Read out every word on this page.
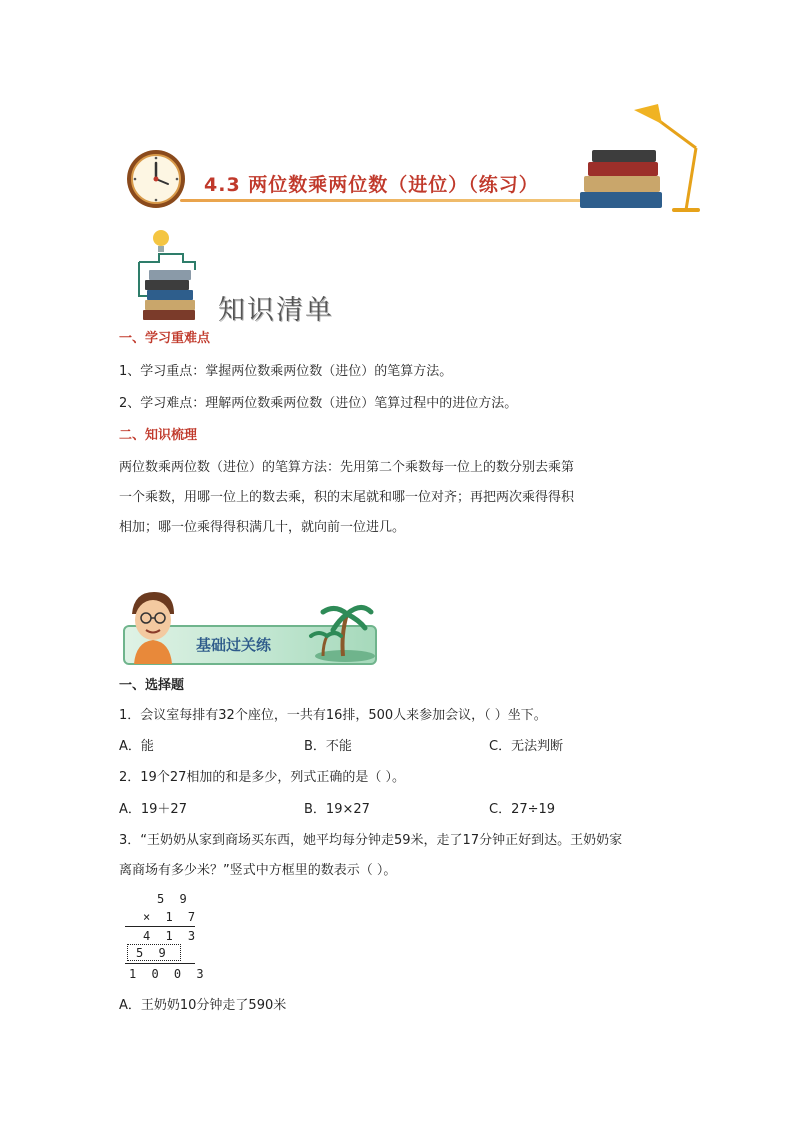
4.3 两位数乘两位数（进位）（练习）
知识清单
一、学习重难点
1、学习重点：掌握两位数乘两位数（进位）的笔算方法。
2、学习难点：理解两位数乘两位数（进位）笔算过程中的进位方法。
二、知识梳理
两位数乘两位数（进位）的笔算方法：先用第二个乘数每一位上的数分别去乘第
一个乘数，用哪一位上的数去乘，积的末尾就和哪一位对齐；再把两次乘得得积
相加；哪一位乘得得积满几十，就向前一位进几。
基础过关练
一、选择题
1．会议室每排有32个座位，一共有16排，500人来参加会议，（ ）坐下。
A．能	B．不能	C．无法判断
2．19个27相加的和是多少，列式正确的是（ ）。
A．19＋27	B．19×27	C．27÷19
3．“王奶奶从家到商场买东西，她平均每分钟走59米，走了17分钟正好到达。王奶奶家
离商场有多少米？”竖式中方框里的数表示（ ）。
5 9
× 1 7
4 1 3
5 9
1 0 0 3
A．王奶奶10分钟走了590米
